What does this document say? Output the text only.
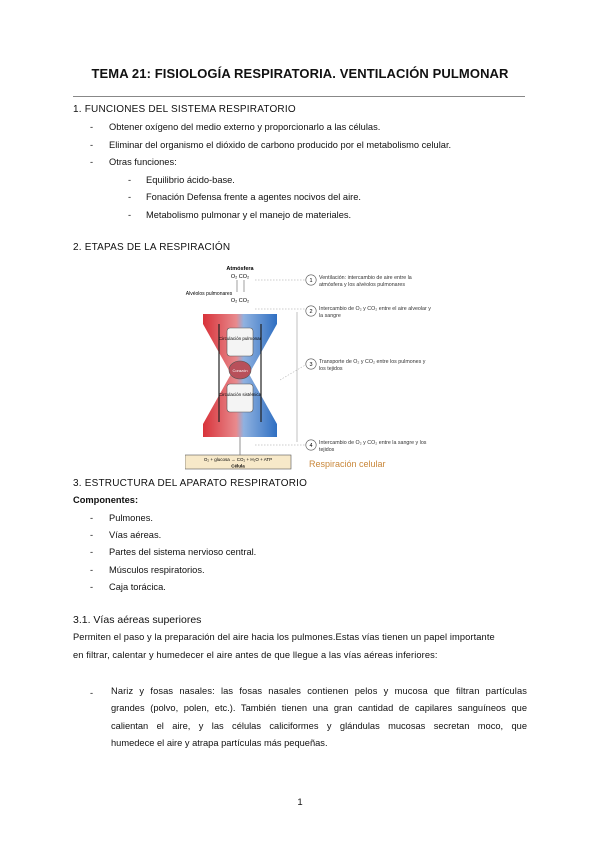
TEMA 21: FISIOLOGÍA RESPIRATORIA. VENTILACIÓN PULMONAR
1. FUNCIONES DEL SISTEMA RESPIRATORIO
- Obtener oxígeno del medio externo y proporcionarlo a las células.
- Eliminar del organismo el dióxido de carbono producido por el metabolismo celular.
- Otras funciones:
- Equilibrio ácido-base.
- Fonación Defensa frente a agentes nocivos del aire.
- Metabolismo pulmonar y el manejo de materiales.
2. ETAPAS DE LA RESPIRACIÓN
Atmósfera
O₂ CO₂
Alvéolos pulmonares
O₂ CO₂
Circulación pulmonar
Corazón
Circulación sistémica
O₂ + glucosa → CO₂ + H₂O + ATP
Célula
1
2
3
4
Ventilación: intercambio de aire entre la atmósfera y los alvéolos pulmonares
Intercambio de O₂ y CO₂ entre el aire alveolar y la sangre
Transporte de O₂ y CO₂ entre los pulmones y los tejidos
Intercambio de O₂ y CO₂ entre la sangre y los tejidos
Respiración celular
3. ESTRUCTURA DEL APARATO RESPIRATORIO
Componentes:
- Pulmones.
- Vías aéreas.
- Partes del sistema nervioso central.
- Músculos respiratorios.
- Caja torácica.
3.1. Vías aéreas superiores
Permiten el paso y la preparación del aire hacia los pulmones.Estas vías tienen un papel importante
en filtrar, calentar y humedecer el aire antes de que llegue a las vías aéreas inferiores:
- Nariz y fosas nasales: las fosas nasales contienen pelos y mucosa que filtran partículas
grandes (polvo, polen, etc.). También tienen una gran cantidad de capilares sanguíneos que
calientan el aire, y las células caliciformes y glándulas mucosas secretan moco, que
humedece el aire y atrapa partículas más pequeñas.
1
